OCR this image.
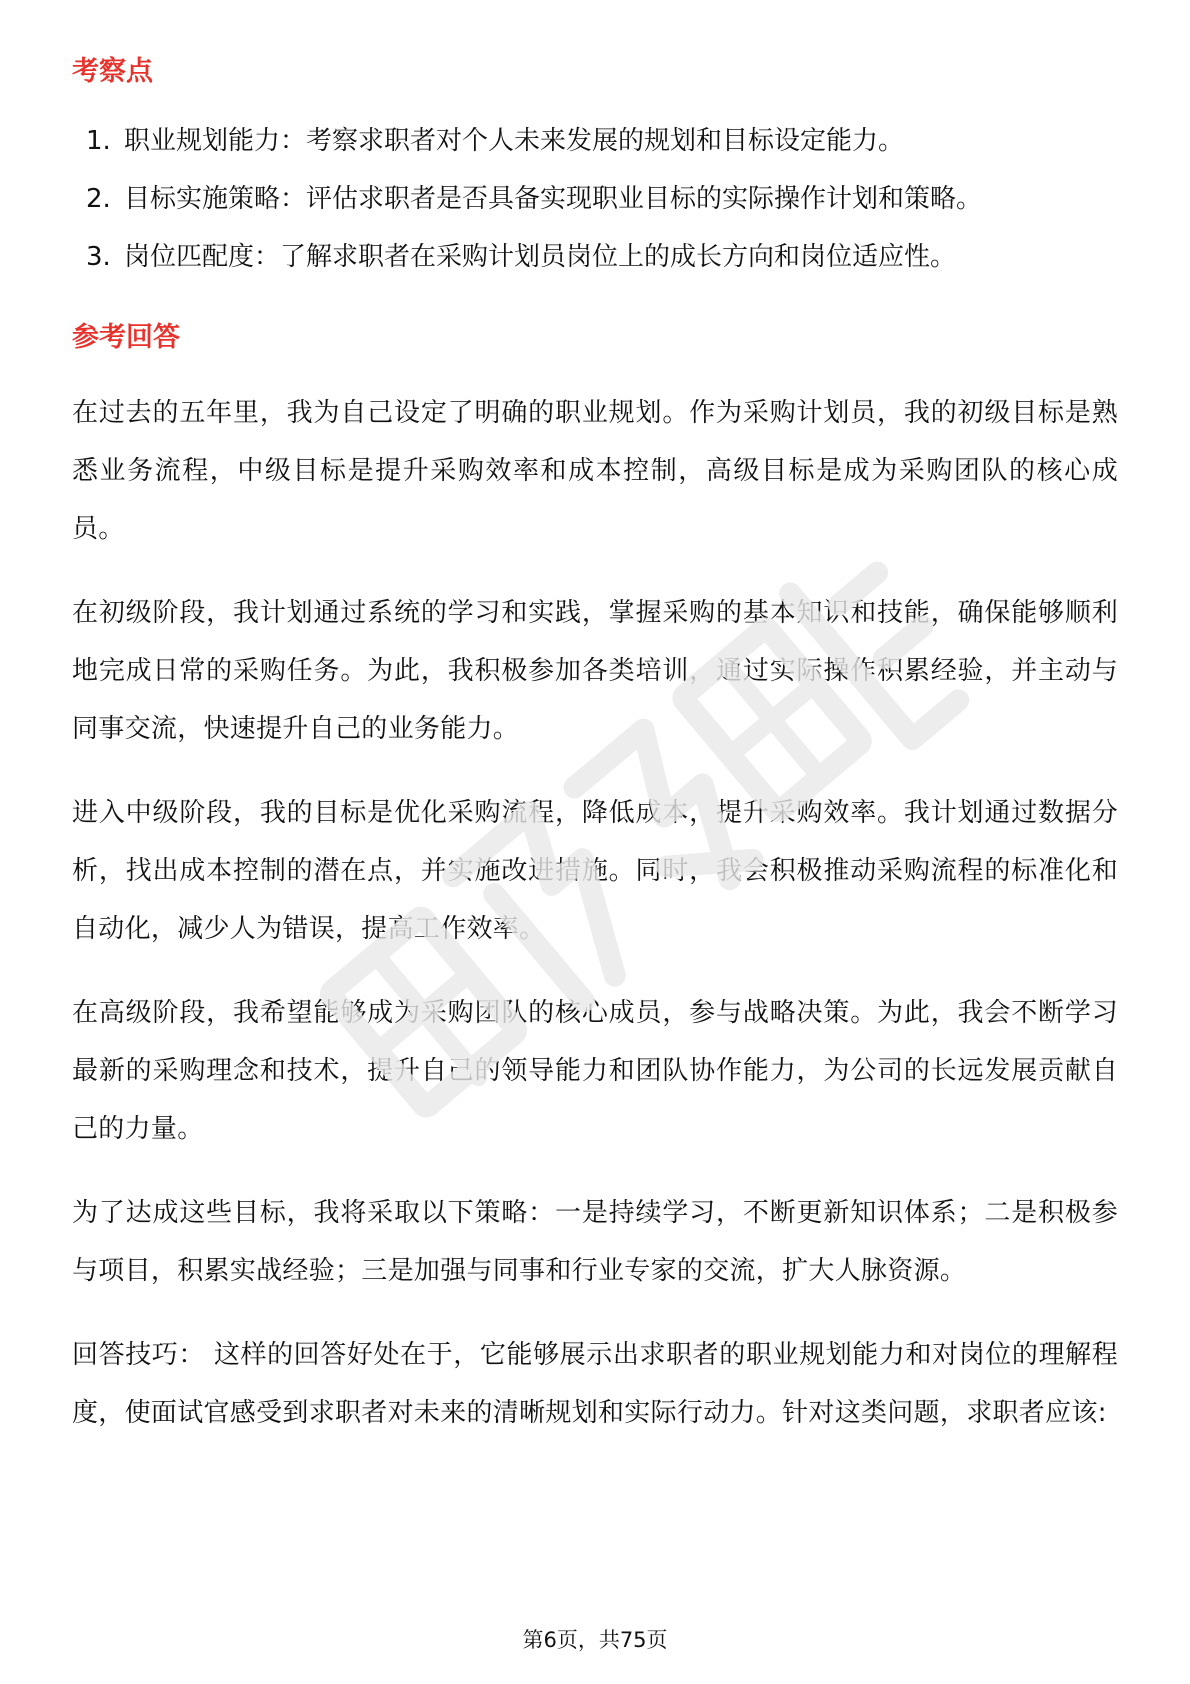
考察点
1. 职业规划能力：考察求职者对个人未来发展的规划和目标设定能力。
2. 目标实施策略：评估求职者是否具备实现职业目标的实际操作计划和策略。
3. 岗位匹配度：了解求职者在采购计划员岗位上的成长方向和岗位适应性。
参考回答

在过去的五年里，我为自己设定了明确的职业规划。作为采购计划员，我的初级目标是熟悉业务流程，中级目标是提升采购效率和成本控制，高级目标是成为采购团队的核心成员。

在初级阶段，我计划通过系统的学习和实践，掌握采购的基本知识和技能，确保能够顺利地完成日常的采购任务。为此，我积极参加各类培训，通过实际操作积累经验，并主动与同事交流，快速提升自己的业务能力。

进入中级阶段，我的目标是优化采购流程，降低成本，提升采购效率。我计划通过数据分析，找出成本控制的潜在点，并实施改进措施。同时，我会积极推动采购流程的标准化和自动化，减少人为错误，提高工作效率。

在高级阶段，我希望能够成为采购团队的核心成员，参与战略决策。为此，我会不断学习最新的采购理念和技术，提升自己的领导能力和团队协作能力，为公司的长远发展贡献自己的力量。

为了达成这些目标，我将采取以下策略：一是持续学习，不断更新知识体系；二是积极参与项目，积累实战经验；三是加强与同事和行业专家的交流，扩大人脉资源。

回答技巧： 这样的回答好处在于，它能够展示出求职者的职业规划能力和对岗位的理解程度，使面试官感受到求职者对未来的清晰规划和实际行动力。针对这类问题，求职者应该:

第6页，共75页
